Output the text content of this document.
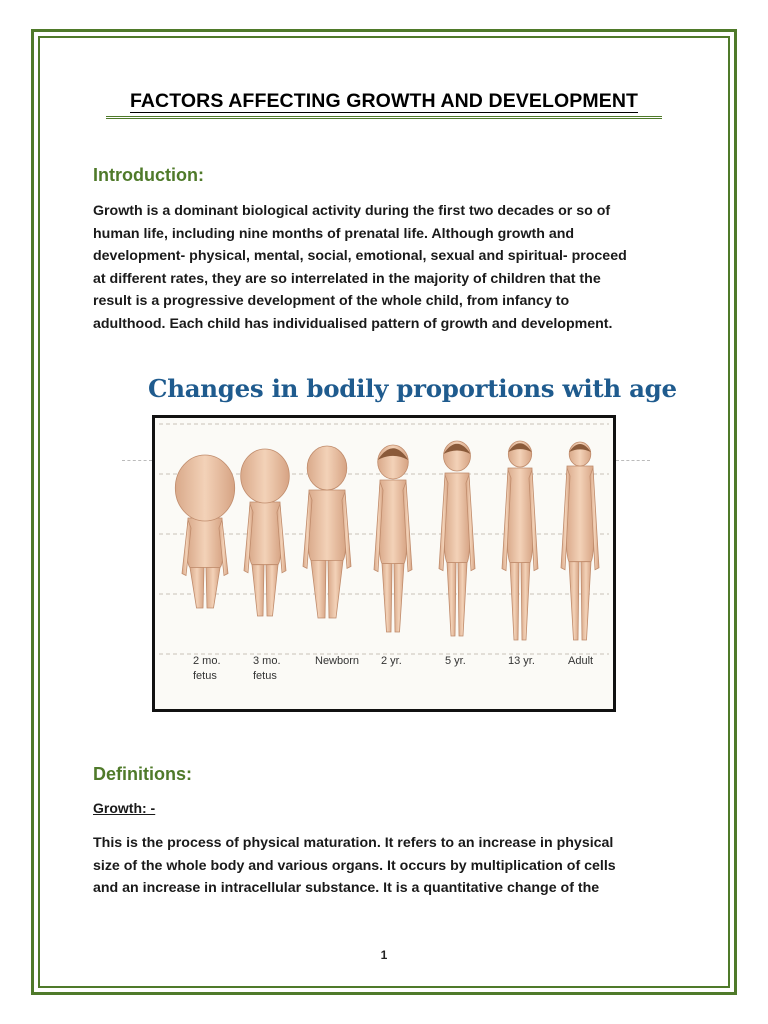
FACTORS AFFECTING GROWTH AND DEVELOPMENT
Introduction:
Growth is a dominant biological activity during the first two decades or so of
human life, including nine months of prenatal life. Although growth and
development- physical, mental, social, emotional, sexual and spiritual- proceed
at different rates, they are so interrelated in the majority of children that the
result is a progressive development of the whole child, from infancy to
adulthood. Each child has individualised pattern of growth and development.
Changes in bodily proportions with age
2 mo.
fetus
3 mo.
fetus
Newborn 2 yr.	5 yr.	13 yr.	Adult
Definitions:
Growth: -
This is the process of physical maturation. It refers to an increase in physical
size of the whole body and various organs. It occurs by multiplication of cells
and an increase in intracellular substance. It is a quantitative change of the
1
